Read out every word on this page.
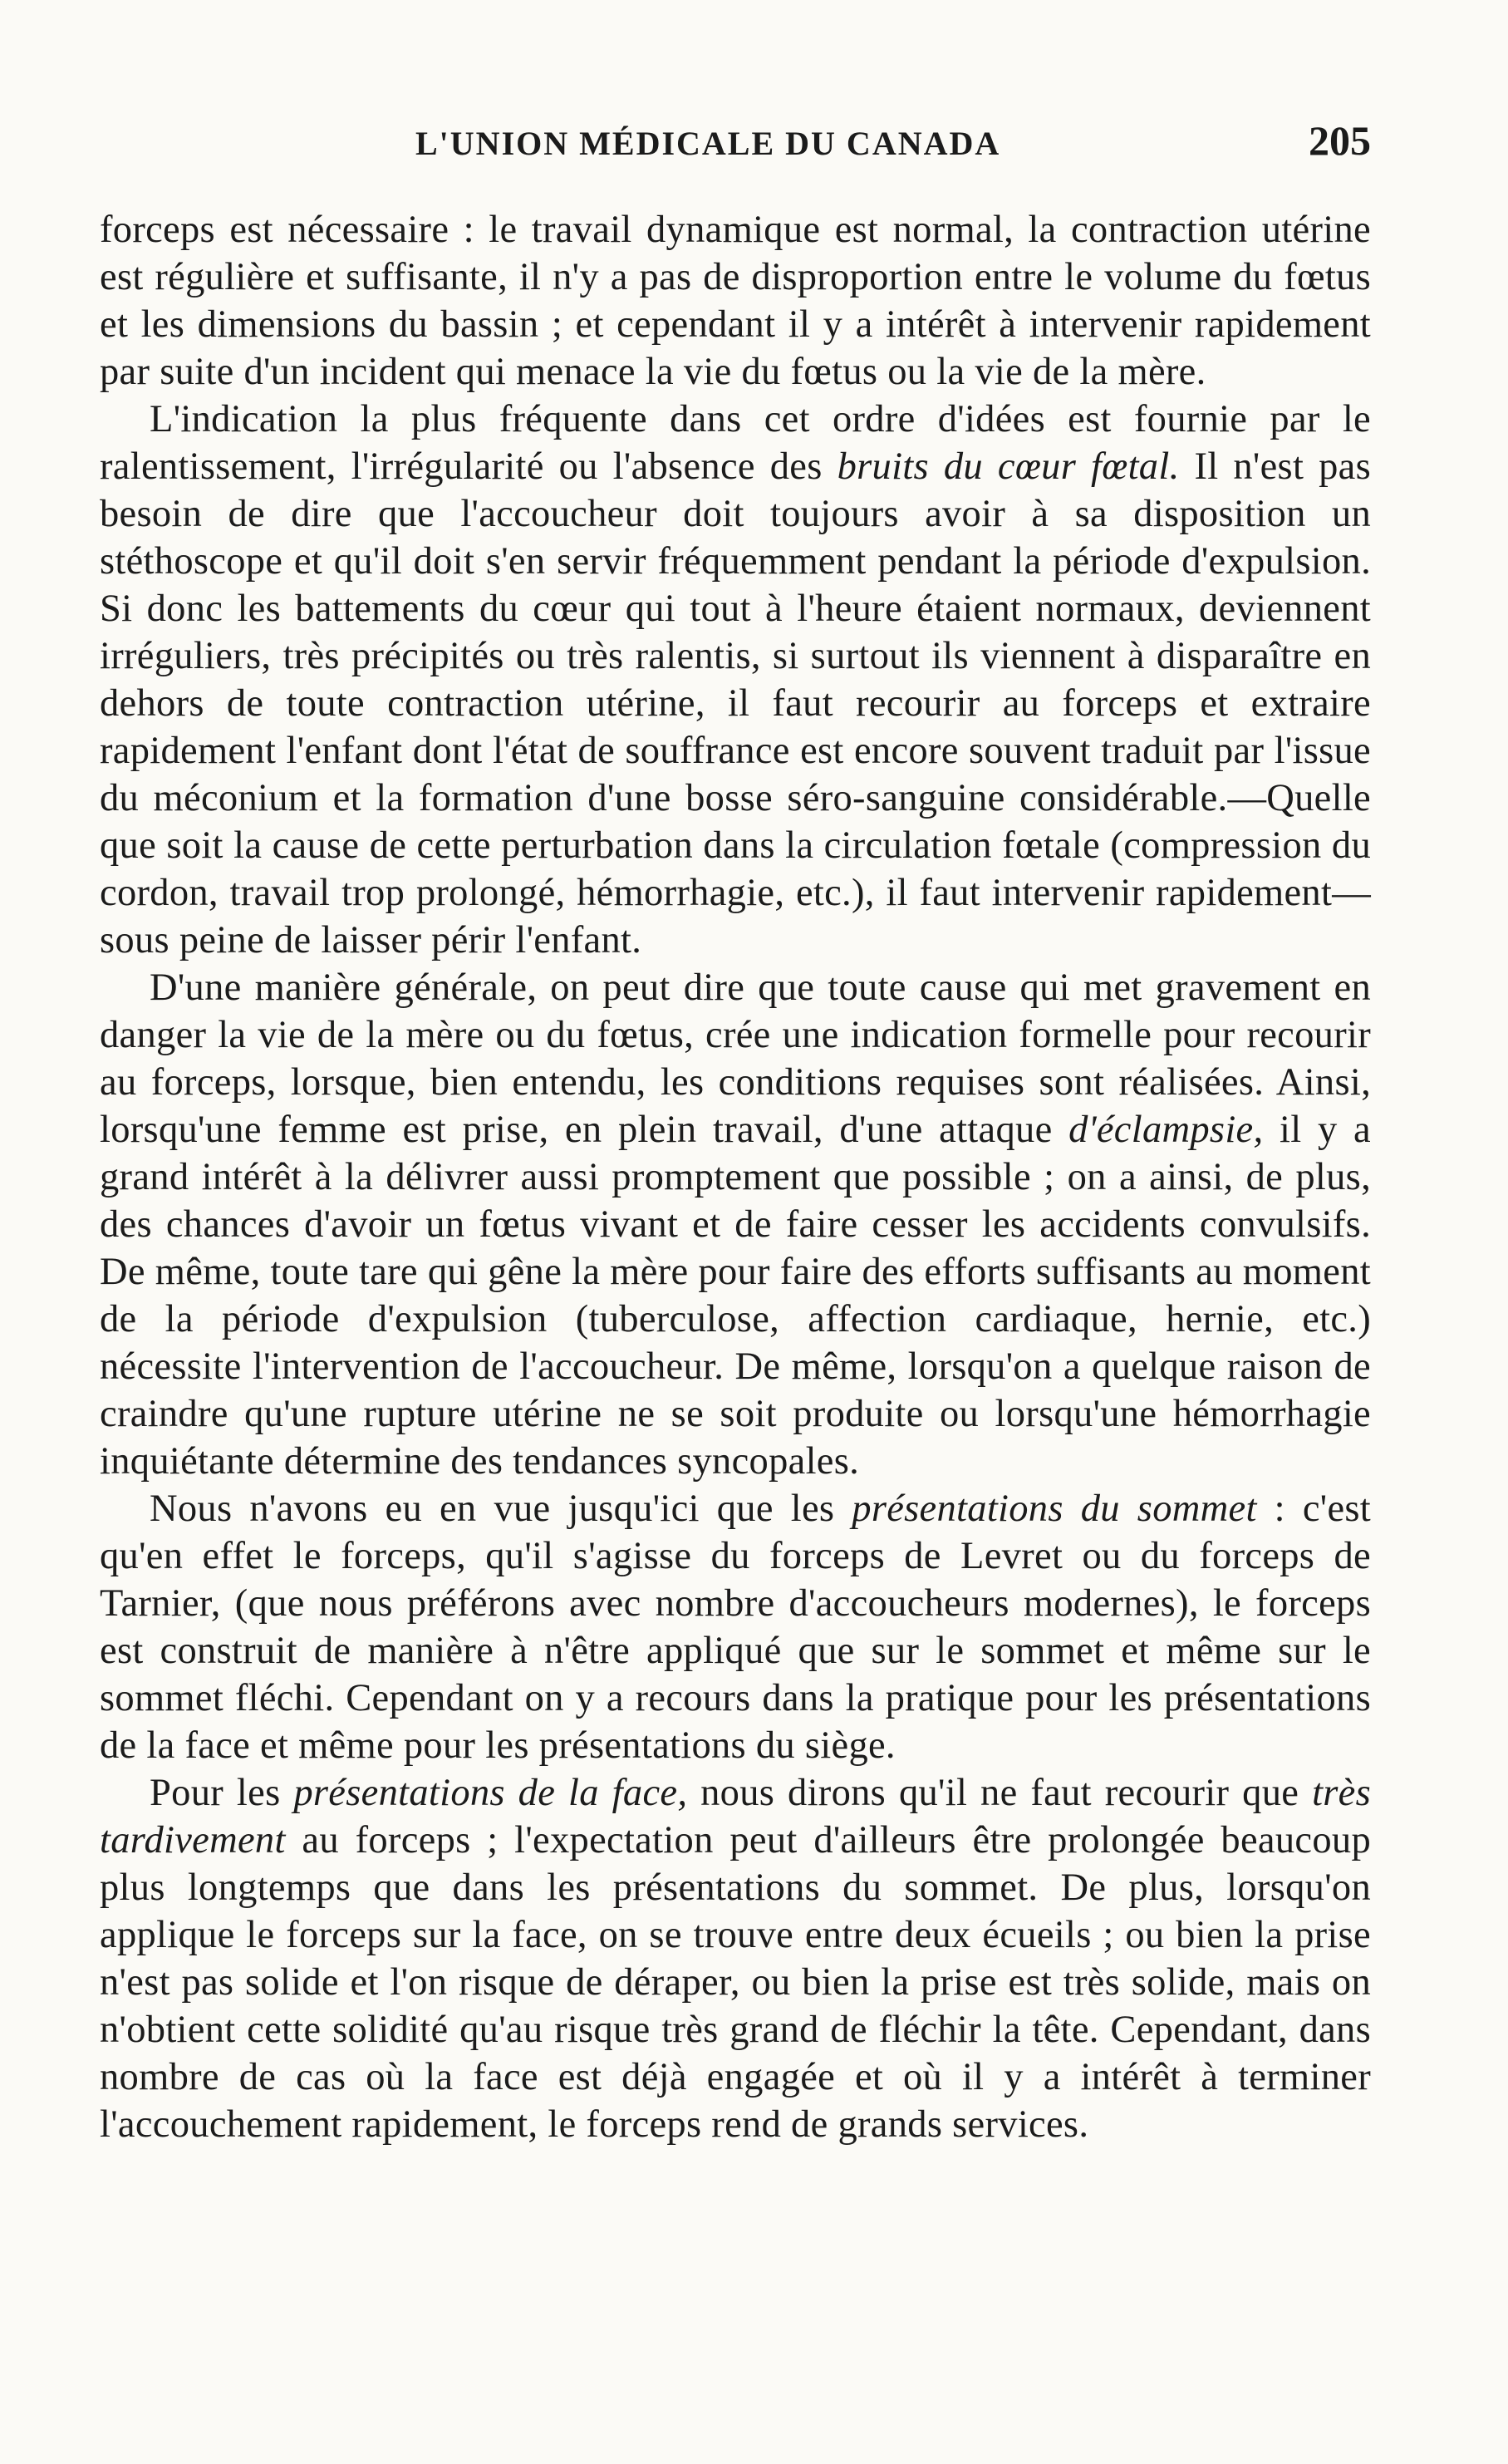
L'UNION MÉDICALE DU CANADA	205

forceps est nécessaire : le travail dynamique est normal, la contraction utérine est régulière et suffisante, il n'y a pas de disproportion entre le volume du fœtus et les dimensions du bassin ; et cependant il y a intérêt à intervenir rapidement par suite d'un incident qui menace la vie du fœtus ou la vie de la mère.

L'indication la plus fréquente dans cet ordre d'idées est fournie par le ralentissement, l'irrégularité ou l'absence des bruits du cœur fœtal. Il n'est pas besoin de dire que l'accoucheur doit toujours avoir à sa disposition un stéthoscope et qu'il doit s'en servir fréquemment pendant la période d'expulsion. Si donc les battements du cœur qui tout à l'heure étaient normaux, deviennent irréguliers, très précipités ou très ralentis, si surtout ils viennent à disparaître en dehors de toute contraction utérine, il faut recourir au forceps et extraire rapidement l'enfant dont l'état de souffrance est encore souvent traduit par l'issue du méconium et la formation d'une bosse séro-sanguine considérable.—Quelle que soit la cause de cette perturbation dans la circulation fœtale (compression du cordon, travail trop prolongé, hémorrhagie, etc.), il faut intervenir rapidement—sous peine de laisser périr l'enfant.

D'une manière générale, on peut dire que toute cause qui met gravement en danger la vie de la mère ou du fœtus, crée une indication formelle pour recourir au forceps, lorsque, bien entendu, les conditions requises sont réalisées. Ainsi, lorsqu'une femme est prise, en plein travail, d'une attaque d'éclampsie, il y a grand intérêt à la délivrer aussi promptement que possible ; on a ainsi, de plus, des chances d'avoir un fœtus vivant et de faire cesser les accidents convulsifs. De même, toute tare qui gêne la mère pour faire des efforts suffisants au moment de la période d'expulsion (tuberculose, affection cardiaque, hernie, etc.) nécessite l'intervention de l'accoucheur. De même, lorsqu'on a quelque raison de craindre qu'une rupture utérine ne se soit produite ou lorsqu'une hémorrhagie inquiétante détermine des tendances syncopales.

Nous n'avons eu en vue jusqu'ici que les présentations du sommet : c'est qu'en effet le forceps, qu'il s'agisse du forceps de Levret ou du forceps de Tarnier, (que nous préférons avec nombre d'accoucheurs modernes), le forceps est construit de manière à n'être appliqué que sur le sommet et même sur le sommet fléchi. Cependant on y a recours dans la pratique pour les présentations de la face et même pour les présentations du siège.

Pour les présentations de la face, nous dirons qu'il ne faut recourir que très tardivement au forceps ; l'expectation peut d'ailleurs être prolongée beaucoup plus longtemps que dans les présentations du sommet. De plus, lorsqu'on applique le forceps sur la face, on se trouve entre deux écueils ; ou bien la prise n'est pas solide et l'on risque de déraper, ou bien la prise est très solide, mais on n'obtient cette solidité qu'au risque très grand de fléchir la tête. Cependant, dans nombre de cas où la face est déjà engagée et où il y a intérêt à terminer l'accouchement rapidement, le forceps rend de grands services.
